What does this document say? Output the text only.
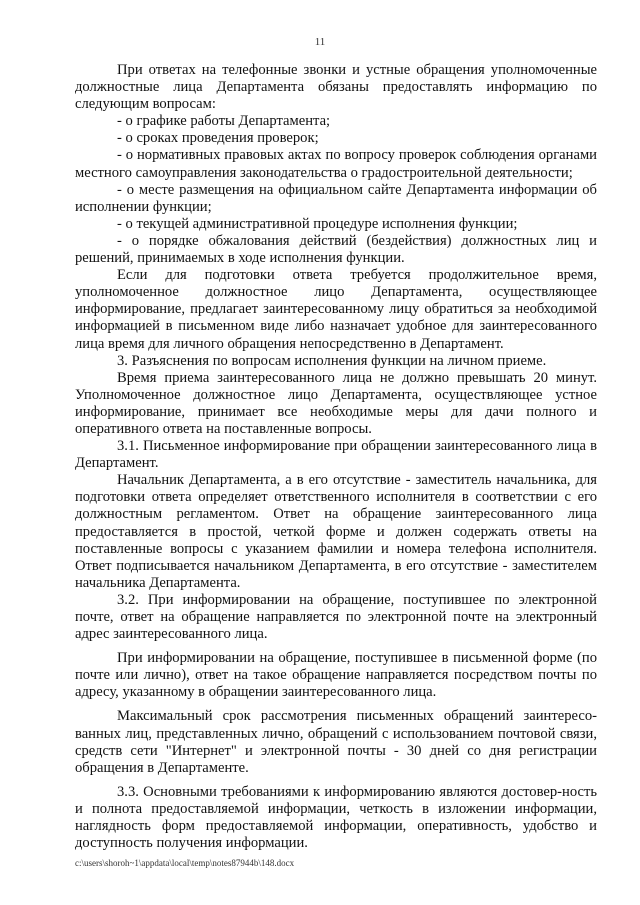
11

При ответах на телефонные звонки и устные обращения уполномоченные должностные лица Департамента обязаны предоставлять информацию по следующим вопросам:

- о графике работы Департамента;

- о сроках проведения проверок;

- о нормативных правовых актах по вопросу проверок соблюдения органами местного самоуправления законодательства о градостроительной деятельности;

- о месте размещения на официальном сайте Департамента информации об исполнении функции;

- о текущей административной процедуре исполнения функции;

- о порядке обжалования действий (бездействия) должностных лиц и решений, принимаемых в ходе исполнения функции.

Если для подготовки ответа требуется продолжительное время, уполномоченное должностное лицо Департамента, осуществляющее информирование, предлагает заинтересованному лицу обратиться за необходимой информацией в письменном виде либо назначает удобное для заинтересованного лица время для личного обращения непосредственно в Департамент.

3. Разъяснения по вопросам исполнения функции на личном приеме.

Время приема заинтересованного лица не должно превышать 20 минут. Уполномоченное должностное лицо Департамента, осуществляющее устное информирование, принимает все необходимые меры для дачи полного и оперативного ответа на поставленные вопросы.

3.1. Письменное информирование при обращении заинтересованного лица в Департамент.

Начальник Департамента, а в его отсутствие - заместитель начальника, для подготовки ответа определяет ответственного исполнителя в соответствии с его должностным регламентом. Ответ на обращение заинтересованного лица предоставляется в простой, четкой форме и должен содержать ответы на поставленные вопросы с указанием фамилии и номера телефона исполнителя. Ответ подписывается начальником Департамента, в его отсутствие - заместителем начальника Департамента.

3.2. При информировании на обращение, поступившее по электронной почте, ответ на обращение направляется по электронной почте на электронный адрес заинтересованного лица.

При информировании на обращение, поступившее в письменной форме (по почте или лично), ответ на такое обращение направляется посредством почты по адресу, указанному в обращении заинтересованного лица.

Максимальный срок рассмотрения письменных обращений заинтересо-ванных лиц, представленных лично, обращений с использованием почтовой связи, средств сети "Интернет" и электронной почты - 30 дней со дня регистрации обращения в Департаменте.

3.3. Основными требованиями к информированию являются достовер-ность и полнота предоставляемой информации, четкость в изложении информации, наглядность форм предоставляемой информации, оперативность, удобство и доступность получения информации.

c:\users\shoroh~1\appdata\local\temp\notes87944b\148.docx
